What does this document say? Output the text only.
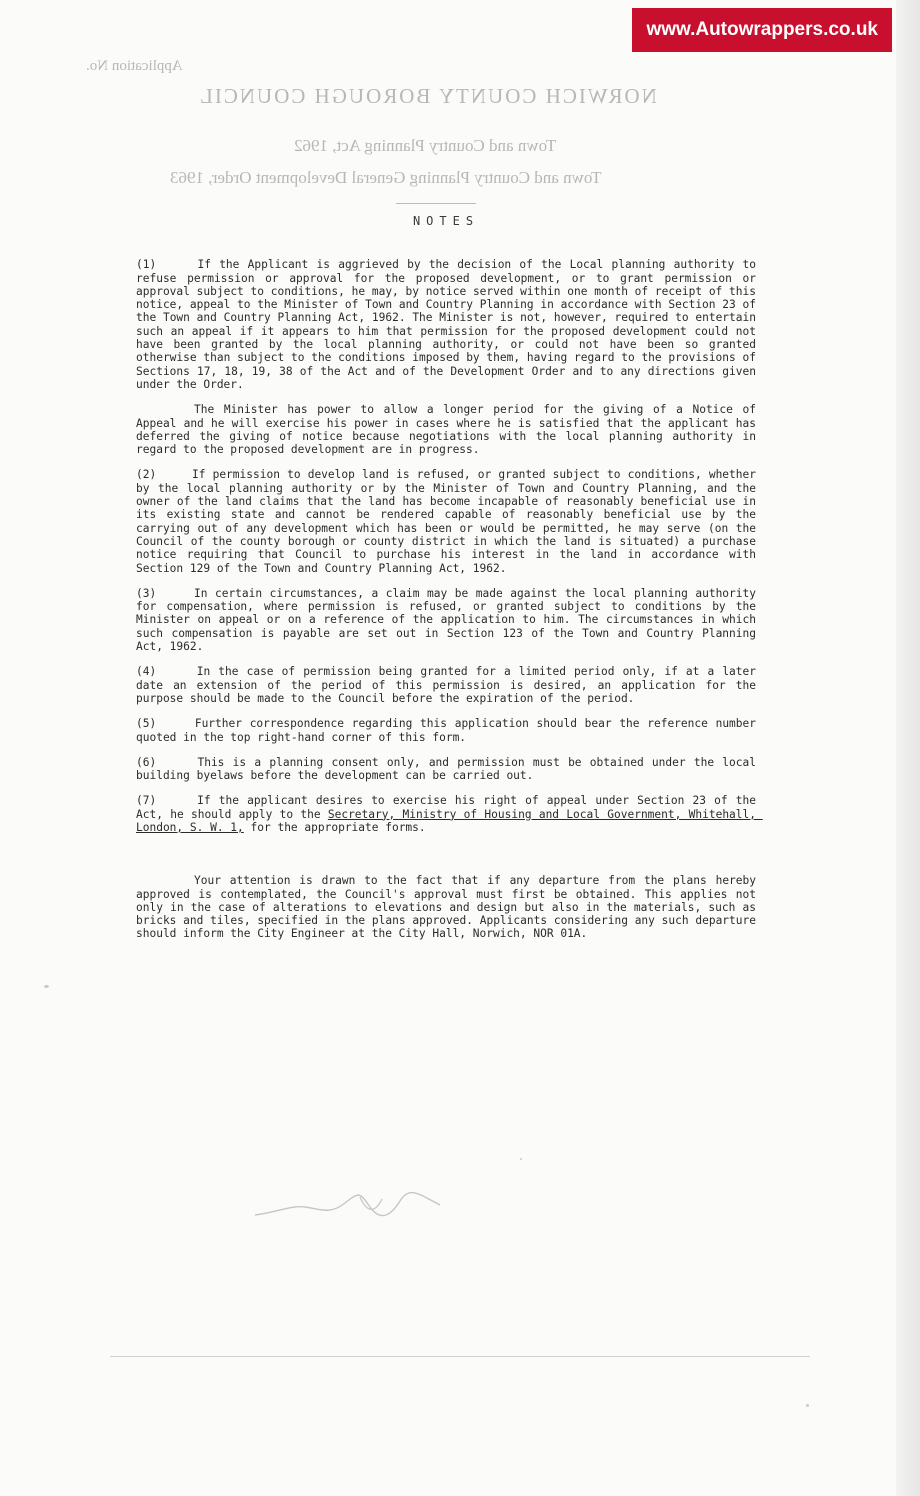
www.Autowrappers.co.uk
Application No.
NORWICH COUNTY BOROUGH COUNCIL
Town and Country Planning Act, 1962
Town and Country Planning General Development Order, 1963
NOTES

(1)	If the Applicant is aggrieved by the decision of the Local planning authority to refuse permission or approval for the proposed development, or to grant permission or approval subject to conditions, he may, by notice served within one month of receipt of this notice, appeal to the Minister of Town and Country Planning in accordance with Section 23 of the Town and Country Planning Act, 1962. The Minister is not, however, required to entertain such an appeal if it appears to him that permission for the proposed development could not have been granted by the local planning authority, or could not have been so granted otherwise than subject to the conditions imposed by them, having regard to the provisions of Sections 17, 18, 19, 38 of the Act and of the Development Order and to any directions given under the Order.

The Minister has power to allow a longer period for the giving of a Notice of Appeal and he will exercise his power in cases where he is satisfied that the applicant has deferred the giving of notice because negotiations with the local planning authority in regard to the proposed development are in progress.

(2)	If permission to develop land is refused, or granted subject to conditions, whether by the local planning authority or by the Minister of Town and Country Planning, and the owner of the land claims that the land has become incapable of reasonably beneficial use in its existing state and cannot be rendered capable of reasonably beneficial use by the carrying out of any development which has been or would be permitted, he may serve (on the Council of the county borough or county district in which the land is situated) a purchase notice requiring that Council to purchase his interest in the land in accordance with Section 129 of the Town and Country Planning Act, 1962.

(3)	In certain circumstances, a claim may be made against the local planning authority for compensation, where permission is refused, or granted subject to conditions by the Minister on appeal or on a reference of the application to him. The circumstances in which such compensation is payable are set out in Section 123 of the Town and Country Planning Act, 1962.

(4)	In the case of permission being granted for a limited period only, if at a later date an extension of the period of this permission is desired, an application for the purpose should be made to the Council before the expiration of the period.

(5)	Further correspondence regarding this application should bear the reference number quoted in the top right-hand corner of this form.

(6)	This is a planning consent only, and permission must be obtained under the local building byelaws before the development can be carried out.

(7)	If the applicant desires to exercise his right of appeal under Section 23 of the Act, he should apply to the Secretary, Ministry of Housing and Local Government, Whitehall, London, S. W. 1, for the appropriate forms.

Your attention is drawn to the fact that if any departure from the plans hereby approved is contemplated, the Council's approval must first be obtained. This applies not only in the case of alterations to elevations and design but also in the materials, such as bricks and tiles, specified in the plans approved. Applicants considering any such departure should inform the City Engineer at the City Hall, Norwich, NOR 01A.
